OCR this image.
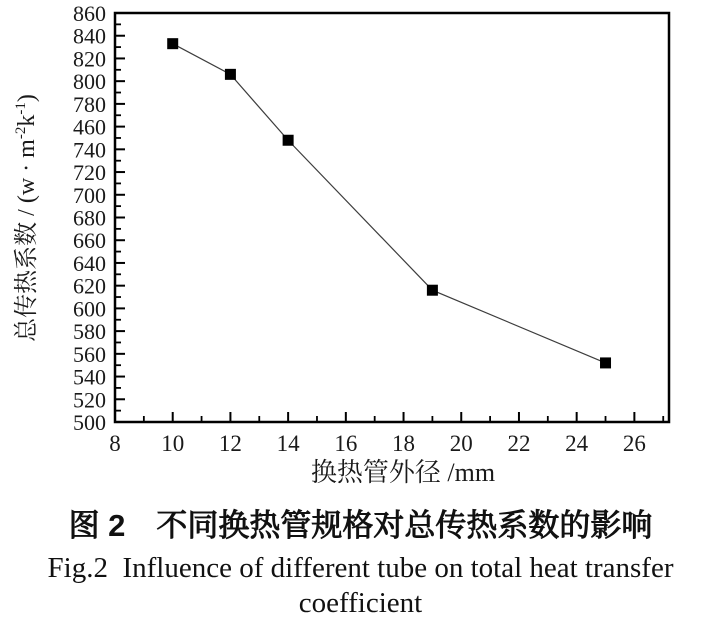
860
840
820
800
780
460
740
720
700
680
660
640
620
600
580
560
540
520
500
8 10 12 14 16 18 20 22 24 26
换热管外径 /mm
总传热系数 / $(w \cdot m^{-2}k^{-1})$
图 2　不同换热管规格对总传热系数的影响
Fig.2  Influence of different tube on total heat transfer
coefficient
